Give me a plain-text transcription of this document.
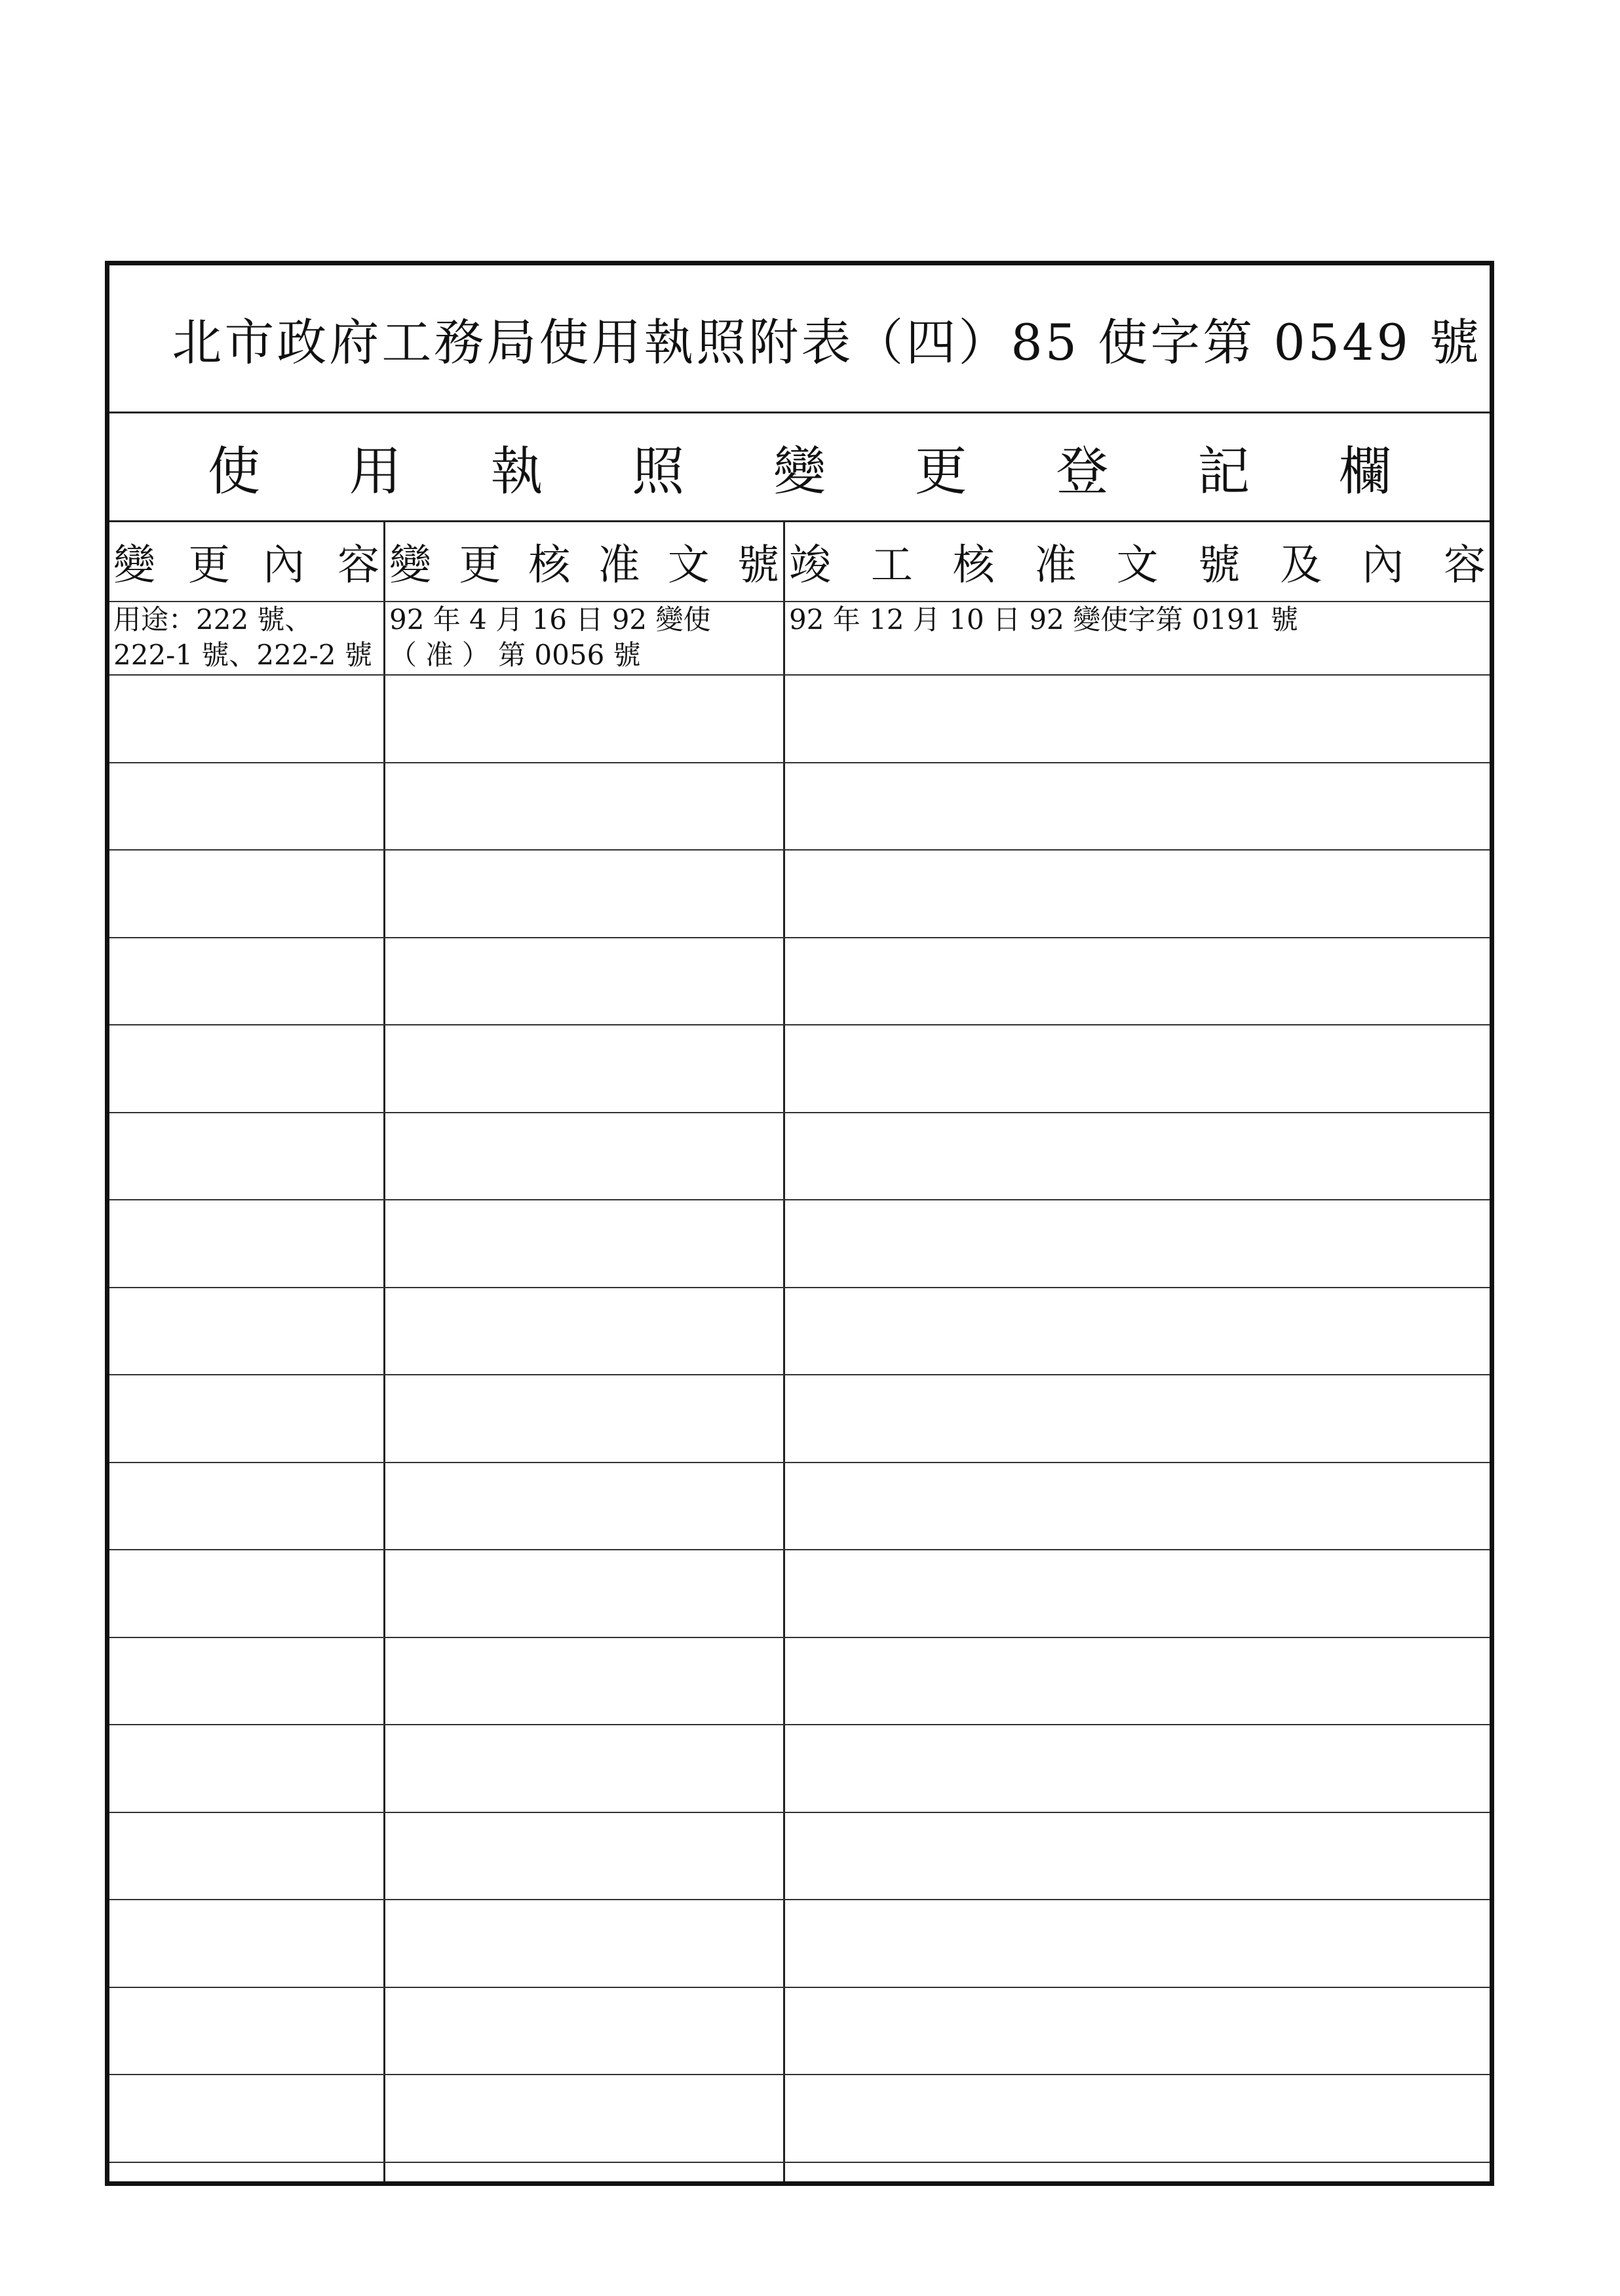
北市政府工務局使用執照附表（四）85 使字第 0549 號
使 用 執 照 變 更 登 記 欄
變 更 內 容 變 更 核 准 文 號 竣 工 核 准 文 號 及 內 容
用途：222 號、
222-1 號、222-2 號
92 年 4 月 16 日 92 變使
（ 准 ） 第 0056 號
92 年 12 月 10 日 92 變使字第 0191 號
